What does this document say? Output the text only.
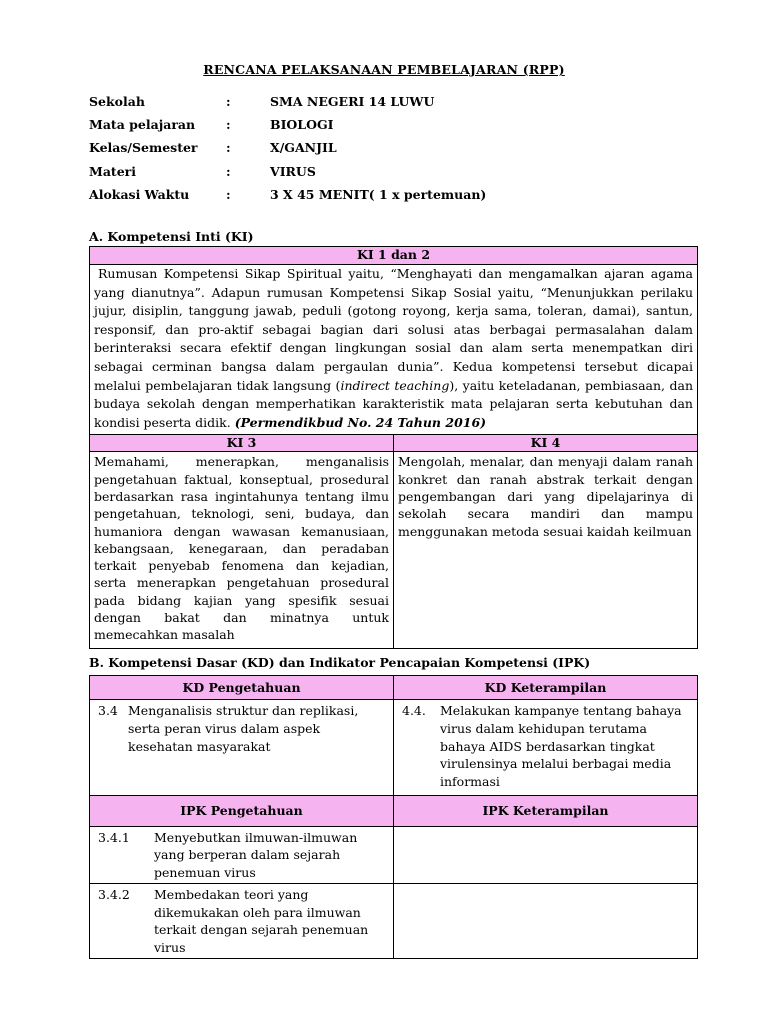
RENCANA PELAKSANAAN PEMBELAJARAN (RPP)
Sekolah	:	SMA NEGERI 14 LUWU
Mata pelajaran	:	BIOLOGI
Kelas/Semester	:	X/GANJIL
Materi	:	VIRUS
Alokasi Waktu	:	3 X 45 MENIT( 1 x pertemuan)
A. Kompetensi Inti (KI)
KI 1 dan 2	
Rumusan Kompetensi Sikap Spiritual yaitu, “Menghayati dan mengamalkan ajaran agama yang dianutnya”. Adapun rumusan Kompetensi Sikap Sosial yaitu, “Menunjukkan perilaku jujur, disiplin, tanggung jawab, peduli (gotong royong, kerja sama, toleran, damai), santun, responsif, dan pro-aktif sebagai bagian dari solusi atas berbagai permasalahan dalam berinteraksi secara efektif dengan lingkungan sosial dan alam serta menempatkan diri sebagai cerminan bangsa dalam pergaulan dunia”. Kedua kompetensi tersebut dicapai melalui pembelajaran tidak langsung (indirect teaching), yaitu keteladanan, pembiasaan, dan budaya sekolah dengan memperhatikan karakteristik mata pelajaran serta kebutuhan dan kondisi peserta didik. (Permendikbud No. 24 Tahun 2016)	
KI 3	KI 4
Memahami, menerapkan, menganalisis pengetahuan faktual, konseptual, prosedural berdasarkan rasa ingintahunya tentang ilmu pengetahuan, teknologi, seni, budaya, dan humaniora dengan wawasan kemanusiaan, kebangsaan, kenegaraan, dan peradaban terkait penyebab fenomena dan kejadian, serta menerapkan pengetahuan prosedural pada bidang kajian yang spesifik sesuai dengan bakat dan minatnya untuk memecahkan masalah	Mengolah, menalar, dan menyaji dalam ranah konkret dan ranah abstrak terkait dengan pengembangan dari yang dipelajarinya di sekolah secara mandiri dan mampu menggunakan metoda sesuai kaidah keilmuan
B. Kompetensi Dasar (KD) dan Indikator Pencapaian Kompetensi (IPK)
KD Pengetahuan	KD Keterampilan

3.4 Menganalisis struktur dan replikasi, serta peran virus dalam aspek kesehatan masyarakat	4.4. Melakukan kampanye tentang bahaya virus dalam kehidupan terutama bahaya AIDS berdasarkan tingkat virulensinya melalui berbagai media informasi

IPK Pengetahuan	IPK Keterampilan

3.4.1 Menyebutkan ilmuwan-ilmuwan yang berperan dalam sejarah penemuan virus	

3.4.2 Membedakan teori yang dikemukakan oleh para ilmuwan terkait dengan sejarah penemuan virus	
